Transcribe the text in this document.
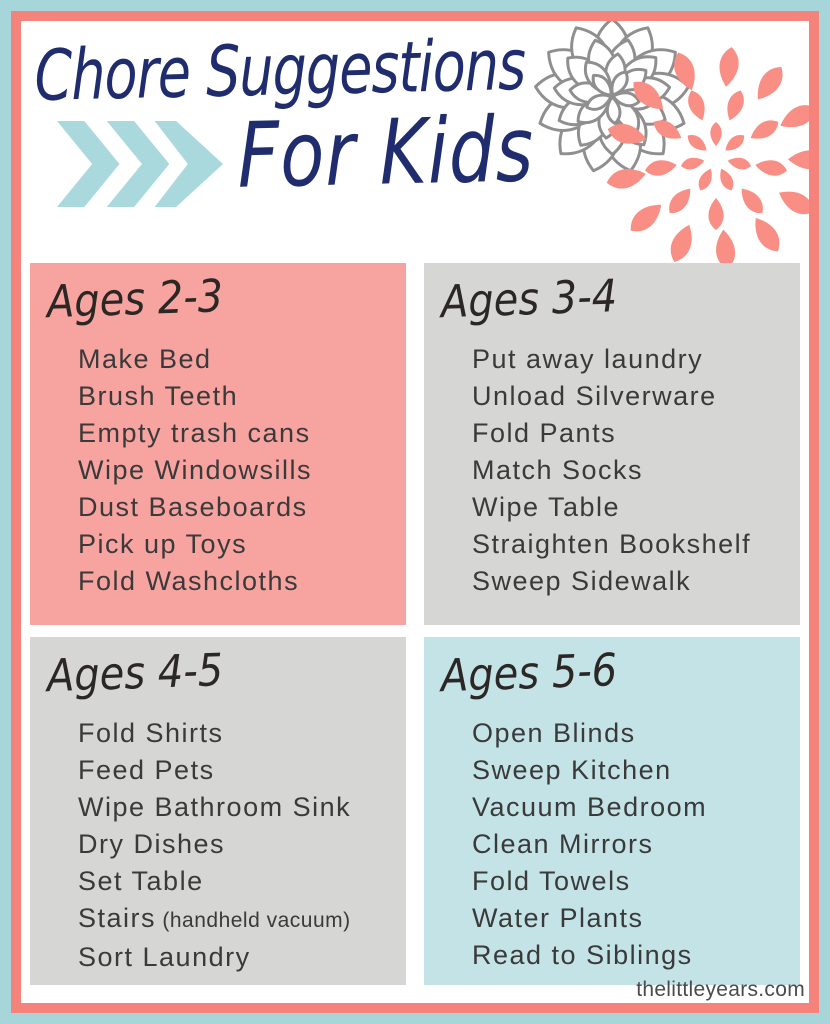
Chore Suggestions
For Kids
Ages 2-3
Make Bed
Brush Teeth
Empty trash cans
Wipe Windowsills
Dust Baseboards
Pick up Toys
Fold Washcloths
Ages 3-4
Put away laundry
Unload Silverware
Fold Pants
Match Socks
Wipe Table
Straighten Bookshelf
Sweep Sidewalk
Ages 4-5
Fold Shirts
Feed Pets
Wipe Bathroom Sink
Dry Dishes
Set Table
Stairs (handheld vacuum)
Sort Laundry
Ages 5-6
Open Blinds
Sweep Kitchen
Vacuum Bedroom
Clean Mirrors
Fold Towels
Water Plants
Read to Siblings
thelittleyears.com
